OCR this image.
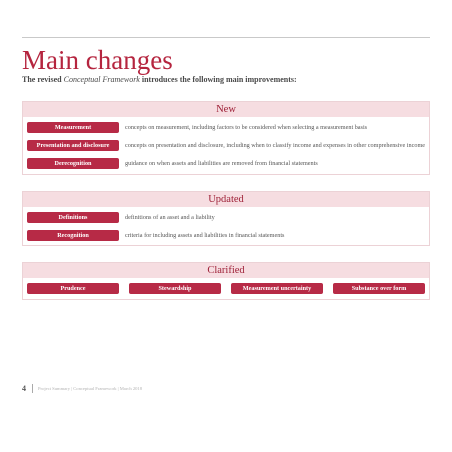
Main changes
The revised Conceptual Framework introduces the following main improvements:
New
Measurement	concepts on measurement, including factors to be considered when selecting a measurement basis
Presentation and disclosure	concepts on presentation and disclosure, including when to classify income and expenses in other comprehensive income
Derecognition	guidance on when assets and liabilities are removed from financial statements
Updated
Definitions	definitions of an asset and a liability
Recognition	criteria for including assets and liabilities in financial statements
Clarified
Prudence	Stewardship	Measurement uncertainty	Substance over form
4	Project Summary | Conceptual Framework | March 2018
